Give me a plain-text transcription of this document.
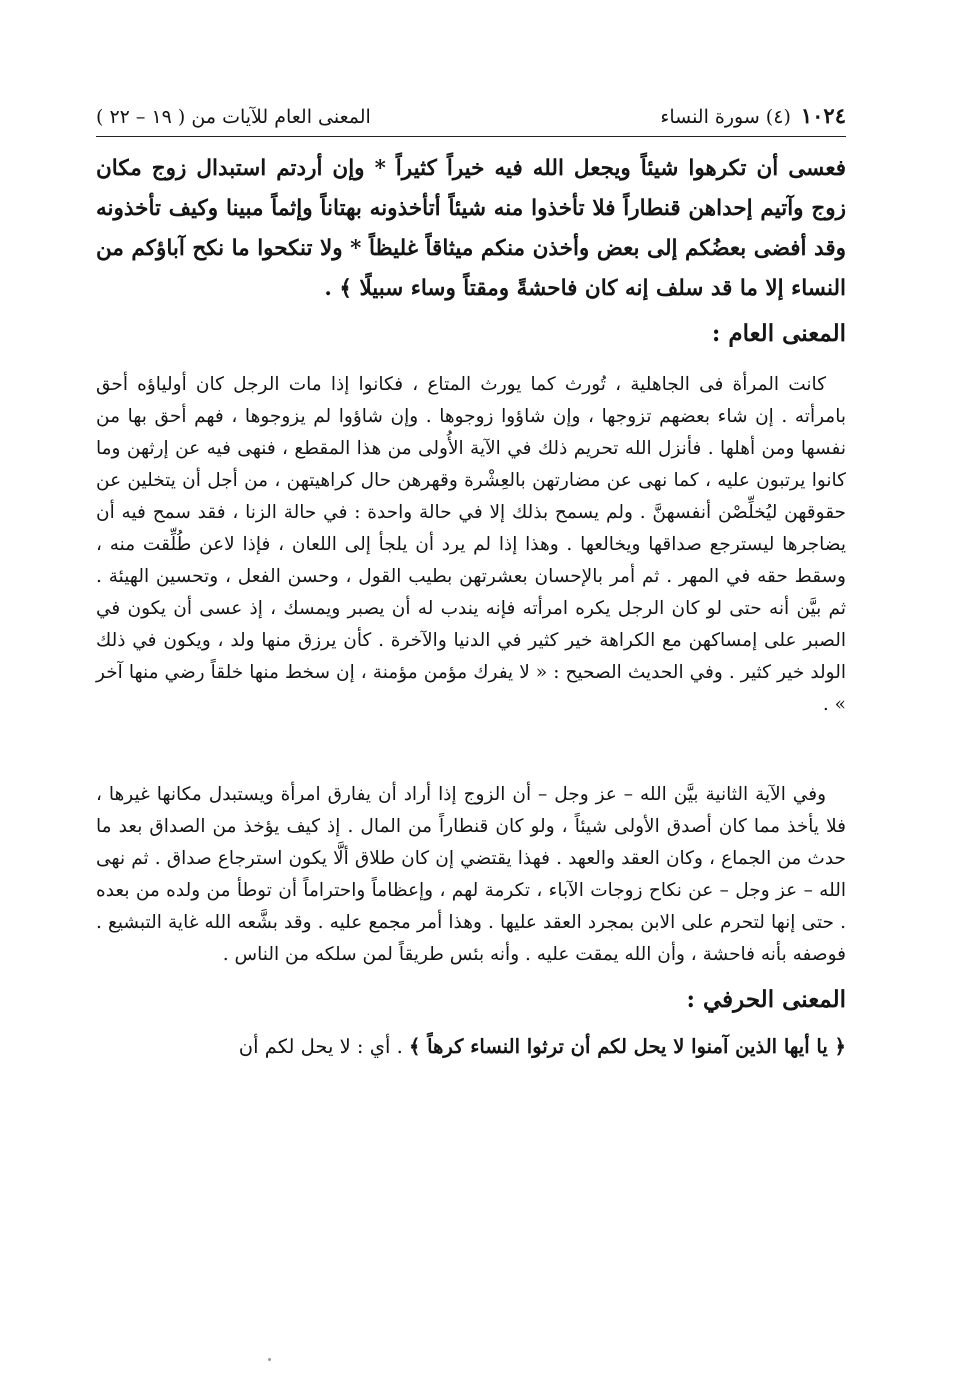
١٠٢٤
(٤) سورة النساء
المعنى العام للآيات من ( ١٩ – ٢٢ )
فعسى أن تكرهوا شيئاً ويجعل الله فيه خيراً كثيراً * وإن أردتم استبدال زوج مكان زوج وآتيم إحداهن قنطاراً فلا تأخذوا منه شيئاً أتأخذونه بهتاناً وإثماً مبينا وكيف تأخذونه وقد أفضى بعضُكم إلى بعض وأخذن منكم ميثاقاً غليظاً * ولا تنكحوا ما نكح آباؤكم من النساء إلا ما قد سلف إنه كان فاحشةً ومقتاً وساء سبيلًا ﴾ .
المعنى العام :

كانت المرأة فى الجاهلية ، تُورث كما يورث المتاع ، فكانوا إذا مات الرجل كان أولياؤه أحق بامرأته . إن شاء بعضهم تزوجها ، وإن شاؤوا زوجوها . وإن شاؤوا لم يزوجوها ، فهم أحق بها من نفسها ومن أهلها . فأنزل الله تحريم ذلك في الآية الأُولى من هذا المقطع ، فنهى فيه عن إرثهن وما كانوا يرتبون عليه ، كما نهى عن مضارتهن بالعِشْرة وقهرهن حال كراهيتهن ، من أجل أن يتخلين عن حقوقهن ليُخلِّصْن أنفسهنَّ . ولم يسمح بذلك إلا في حالة واحدة : في حالة الزنا ، فقد سمح فيه أن يضاجرها ليسترجع صداقها ويخالعها . وهذا إذا لم يرد أن يلجأ إلى اللعان ، فإذا لاعن طُلِّقت منه ، وسقط حقه في المهر . ثم أمر بالإحسان بعشرتهن بطيب القول ، وحسن الفعل ، وتحسين الهيئة . ثم بيَّن أنه حتى لو كان الرجل يكره امرأته فإنه يندب له أن يصبر ويمسك ، إذ عسى أن يكون في الصبر على إمساكهن مع الكراهة خير كثير في الدنيا والآخرة . كأن يرزق منها ولد ، ويكون في ذلك الولد خير كثير . وفي الحديث الصحيح : « لا يفرك مؤمن مؤمنة ، إن سخط منها خلقاً رضي منها آخر » .

وفي الآية الثانية بيَّن الله – عز وجل – أن الزوج إذا أراد أن يفارق امرأة ويستبدل مكانها غيرها ، فلا يأخذ مما كان أصدق الأولى شيئاً ، ولو كان قنطاراً من المال . إذ كيف يؤخذ من الصداق بعد ما حدث من الجماع ، وكان العقد والعهد . فهذا يقتضي إن كان طلاق ألَّا يكون استرجاع صداق . ثم نهى الله – عز وجل – عن نكاح زوجات الآباء ، تكرمة لهم ، وإعظاماً واحتراماً أن توطأ من ولده من بعده . حتى إنها لتحرم على الابن بمجرد العقد عليها . وهذا أمر مجمع عليه . وقد بشَّعه الله غاية التبشيع . فوصفه بأنه فاحشة ، وأن الله يمقت عليه . وأنه بئس طريقاً لمن سلكه من الناس .

المعنى الحرفي :
﴿ يا أيها الذين آمنوا لا يحل لكم أن ترثوا النساء كرهاً ﴾ . أي : لا يحل لكم أن
